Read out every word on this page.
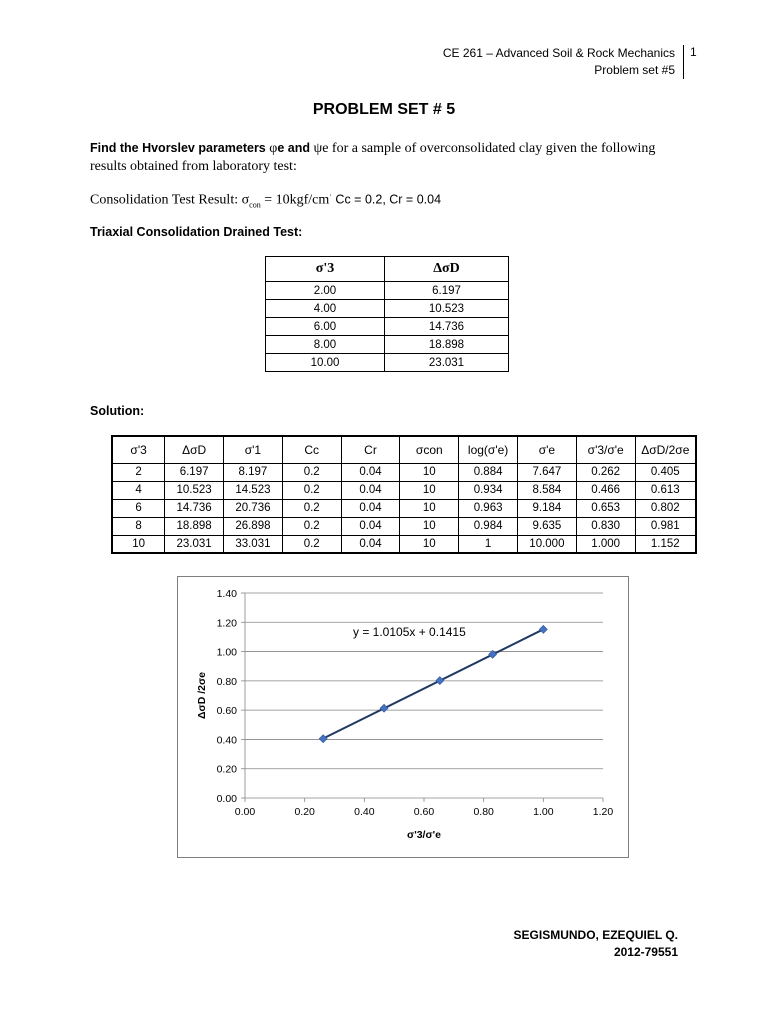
CE 261 – Advanced Soil & Rock Mechanics
Problem set #5
1
PROBLEM SET # 5
Find the Hvorslev parameters φe and ψe for a sample of overconsolidated clay given the following results obtained from laboratory test:
Consolidation Test Result: $\sigma_{con} = 10kgf/cm^\cdot$ Cc = 0.2, Cr = 0.04
Triaxial Consolidation Drained Test:
σ'3	ΔσD
2.00	6.197
4.00	10.523
6.00	14.736
8.00	18.898
10.00	23.031
Solution:
σ'3	ΔσD	σ'1	Cc	Cr	σcon	log(σ'e)	σ'e	σ'3/σ'e	ΔσD/2σe
2	6.197	8.197	0.2	0.04	10	0.884	7.647	0.262	0.405
4	10.523	14.523	0.2	0.04	10	0.934	8.584	0.466	0.613
6	14.736	20.736	0.2	0.04	10	0.963	9.184	0.653	0.802
8	18.898	26.898	0.2	0.04	10	0.984	9.635	0.830	0.981
10	23.031	33.031	0.2	0.04	10	1	10.000	1.000	1.152
0.00
0.20
0.40
0.60
0.80
1.00
1.20
1.40
0.00	0.20	0.40	0.60	0.80	1.00	1.20
y = 1.0105x + 0.1415
σ'3/σ'e
ΔσD /2σe
SEGISMUNDO, EZEQUIEL Q.
2012-79551
